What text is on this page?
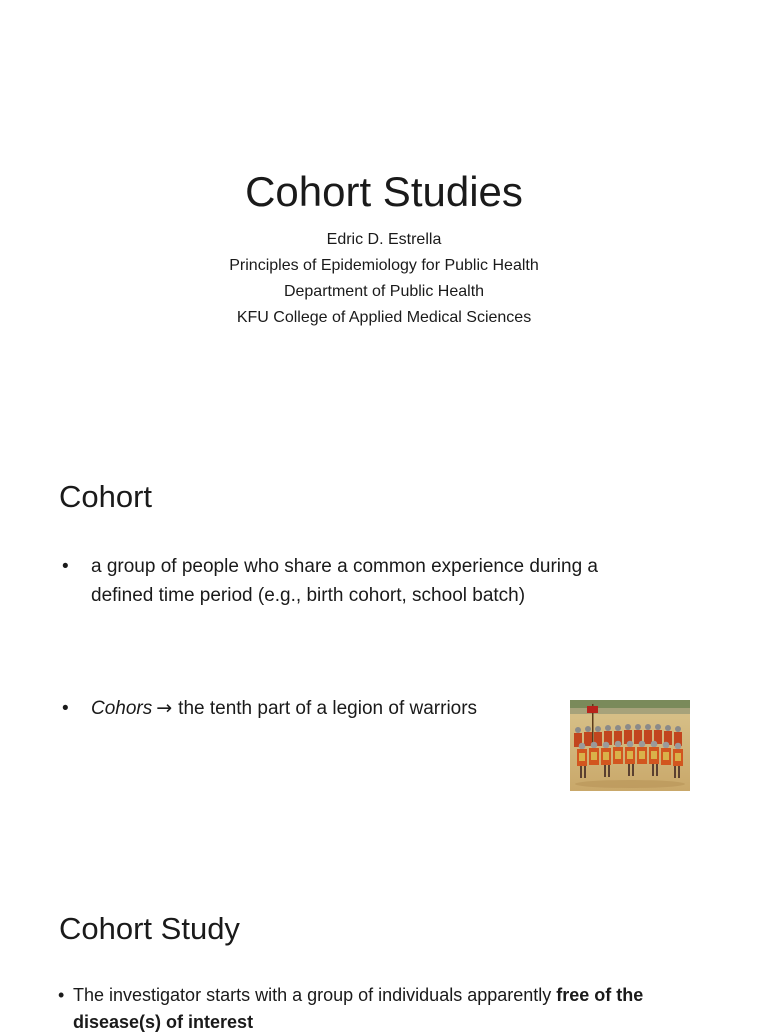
Cohort Studies
Edric D. Estrella
Principles of Epidemiology for Public Health
Department of Public Health
KFU College of Applied Medical Sciences
Cohort
• a group of people who share a common experience during a
defined time period (e.g., birth cohort, school batch)
• Cohors → the tenth part of a legion of warriors
Cohort Study
• The investigator starts with a group of individuals apparently free of the
disease(s) of interest
